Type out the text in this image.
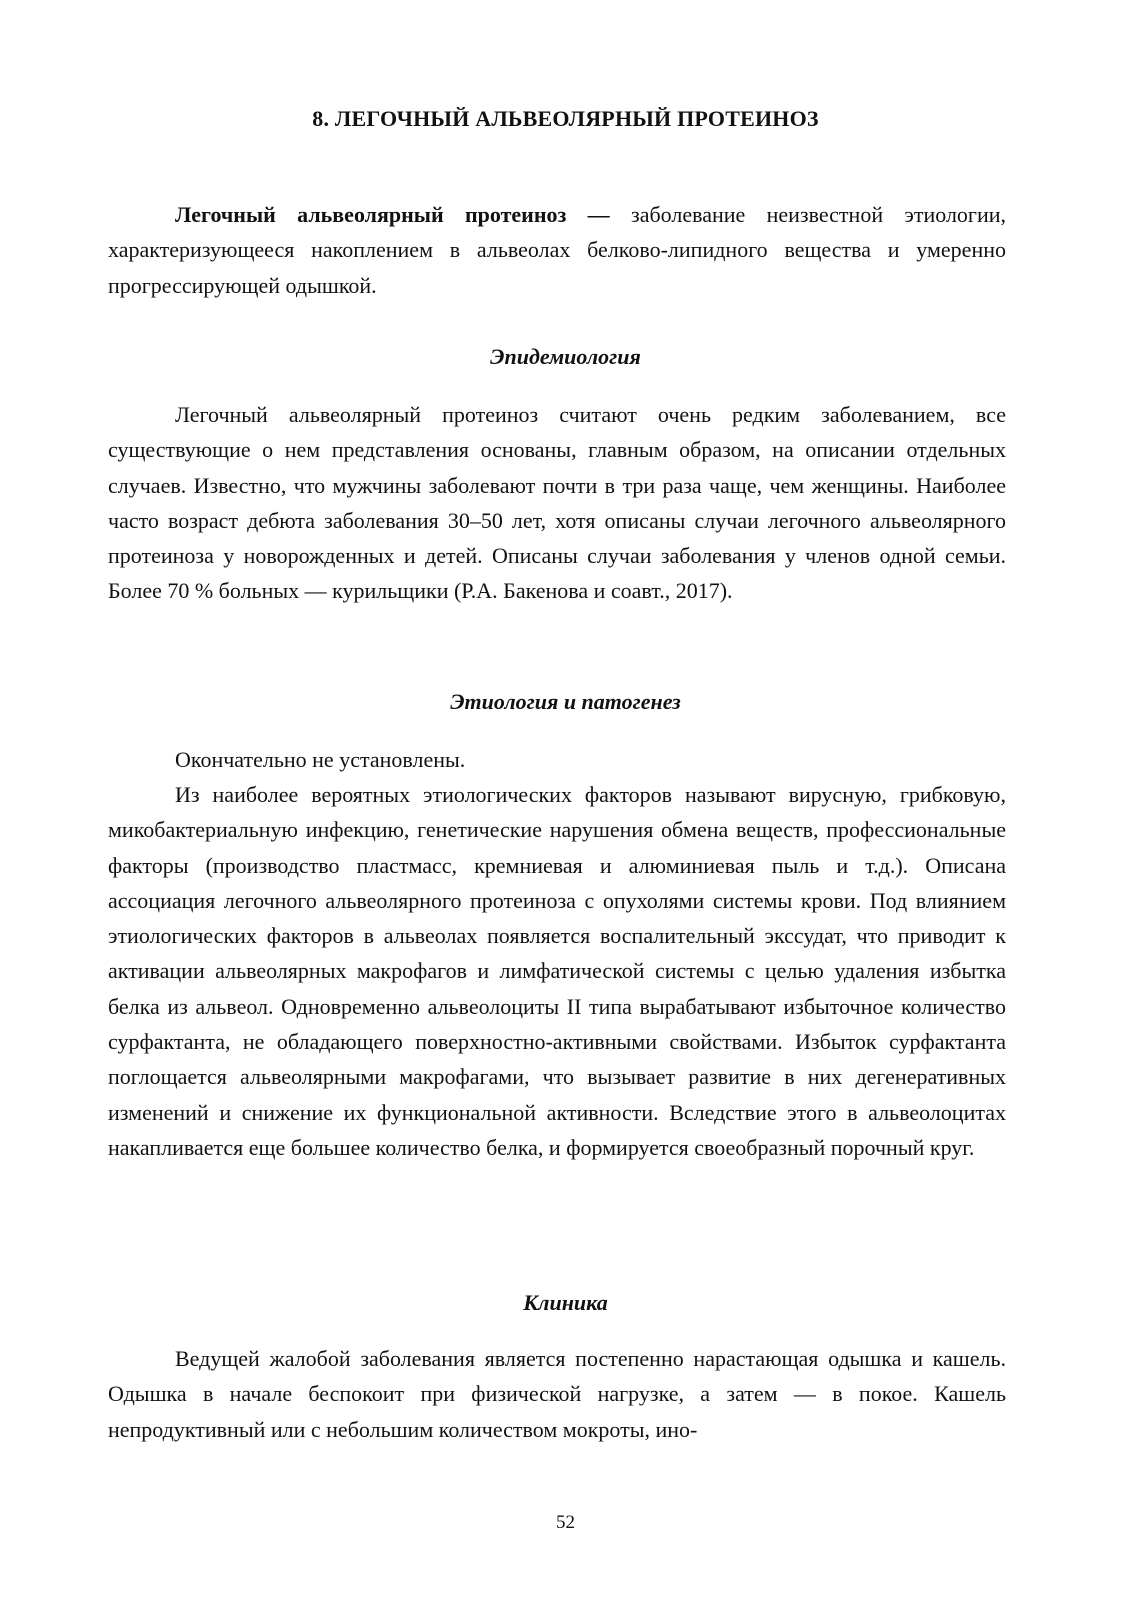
8. ЛЕГОЧНЫЙ АЛЬВЕОЛЯРНЫЙ ПРОТЕИНОЗ

Легочный альвеолярный протеиноз — заболевание неизвестной этиологии, характеризующееся накоплением в альвеолах белково-липидного вещества и умеренно прогрессирующей одышкой.

Эпидемиология

Легочный альвеолярный протеиноз считают очень редким заболеванием, все существующие о нем представления основаны, главным образом, на описании отдельных случаев. Известно, что мужчины заболевают почти в три раза чаще, чем женщины. Наиболее часто возраст дебюта заболевания 30–50 лет, хотя описаны случаи легочного альвеолярного протеиноза у новорожденных и детей. Описаны случаи заболевания у членов одной семьи. Более 70 % больных — курильщики (Р.А. Бакенова и соавт., 2017).

Этиология и патогенез

Окончательно не установлены.

Из наиболее вероятных этиологических факторов называют вирусную, грибковую, микобактериальную инфекцию, генетические нарушения обмена веществ, профессиональные факторы (производство пластмасс, кремниевая и алюминиевая пыль и т.д.). Описана ассоциация легочного альвеолярного протеиноза с опухолями системы крови. Под влиянием этиологических факторов в альвеолах появляется воспалительный экссудат, что приводит к активации альвеолярных макрофагов и лимфатической системы с целью удаления избытка белка из альвеол. Одновременно альвеолоциты II типа вырабатывают избыточное количество сурфактанта, не обладающего поверхностно-активными свойствами. Избыток сурфактанта поглощается альвеолярными макрофагами, что вызывает развитие в них дегенеративных изменений и снижение их функциональной активности. Вследствие этого в альвеолоцитах накапливается еще большее количество белка, и формируется своеобразный порочный круг.

Клиника

Ведущей жалобой заболевания является постепенно нарастающая одышка и кашель. Одышка в начале беспокоит при физической нагрузке, а затем — в покое. Кашель непродуктивный или с небольшим количеством мокроты, ино-

52
